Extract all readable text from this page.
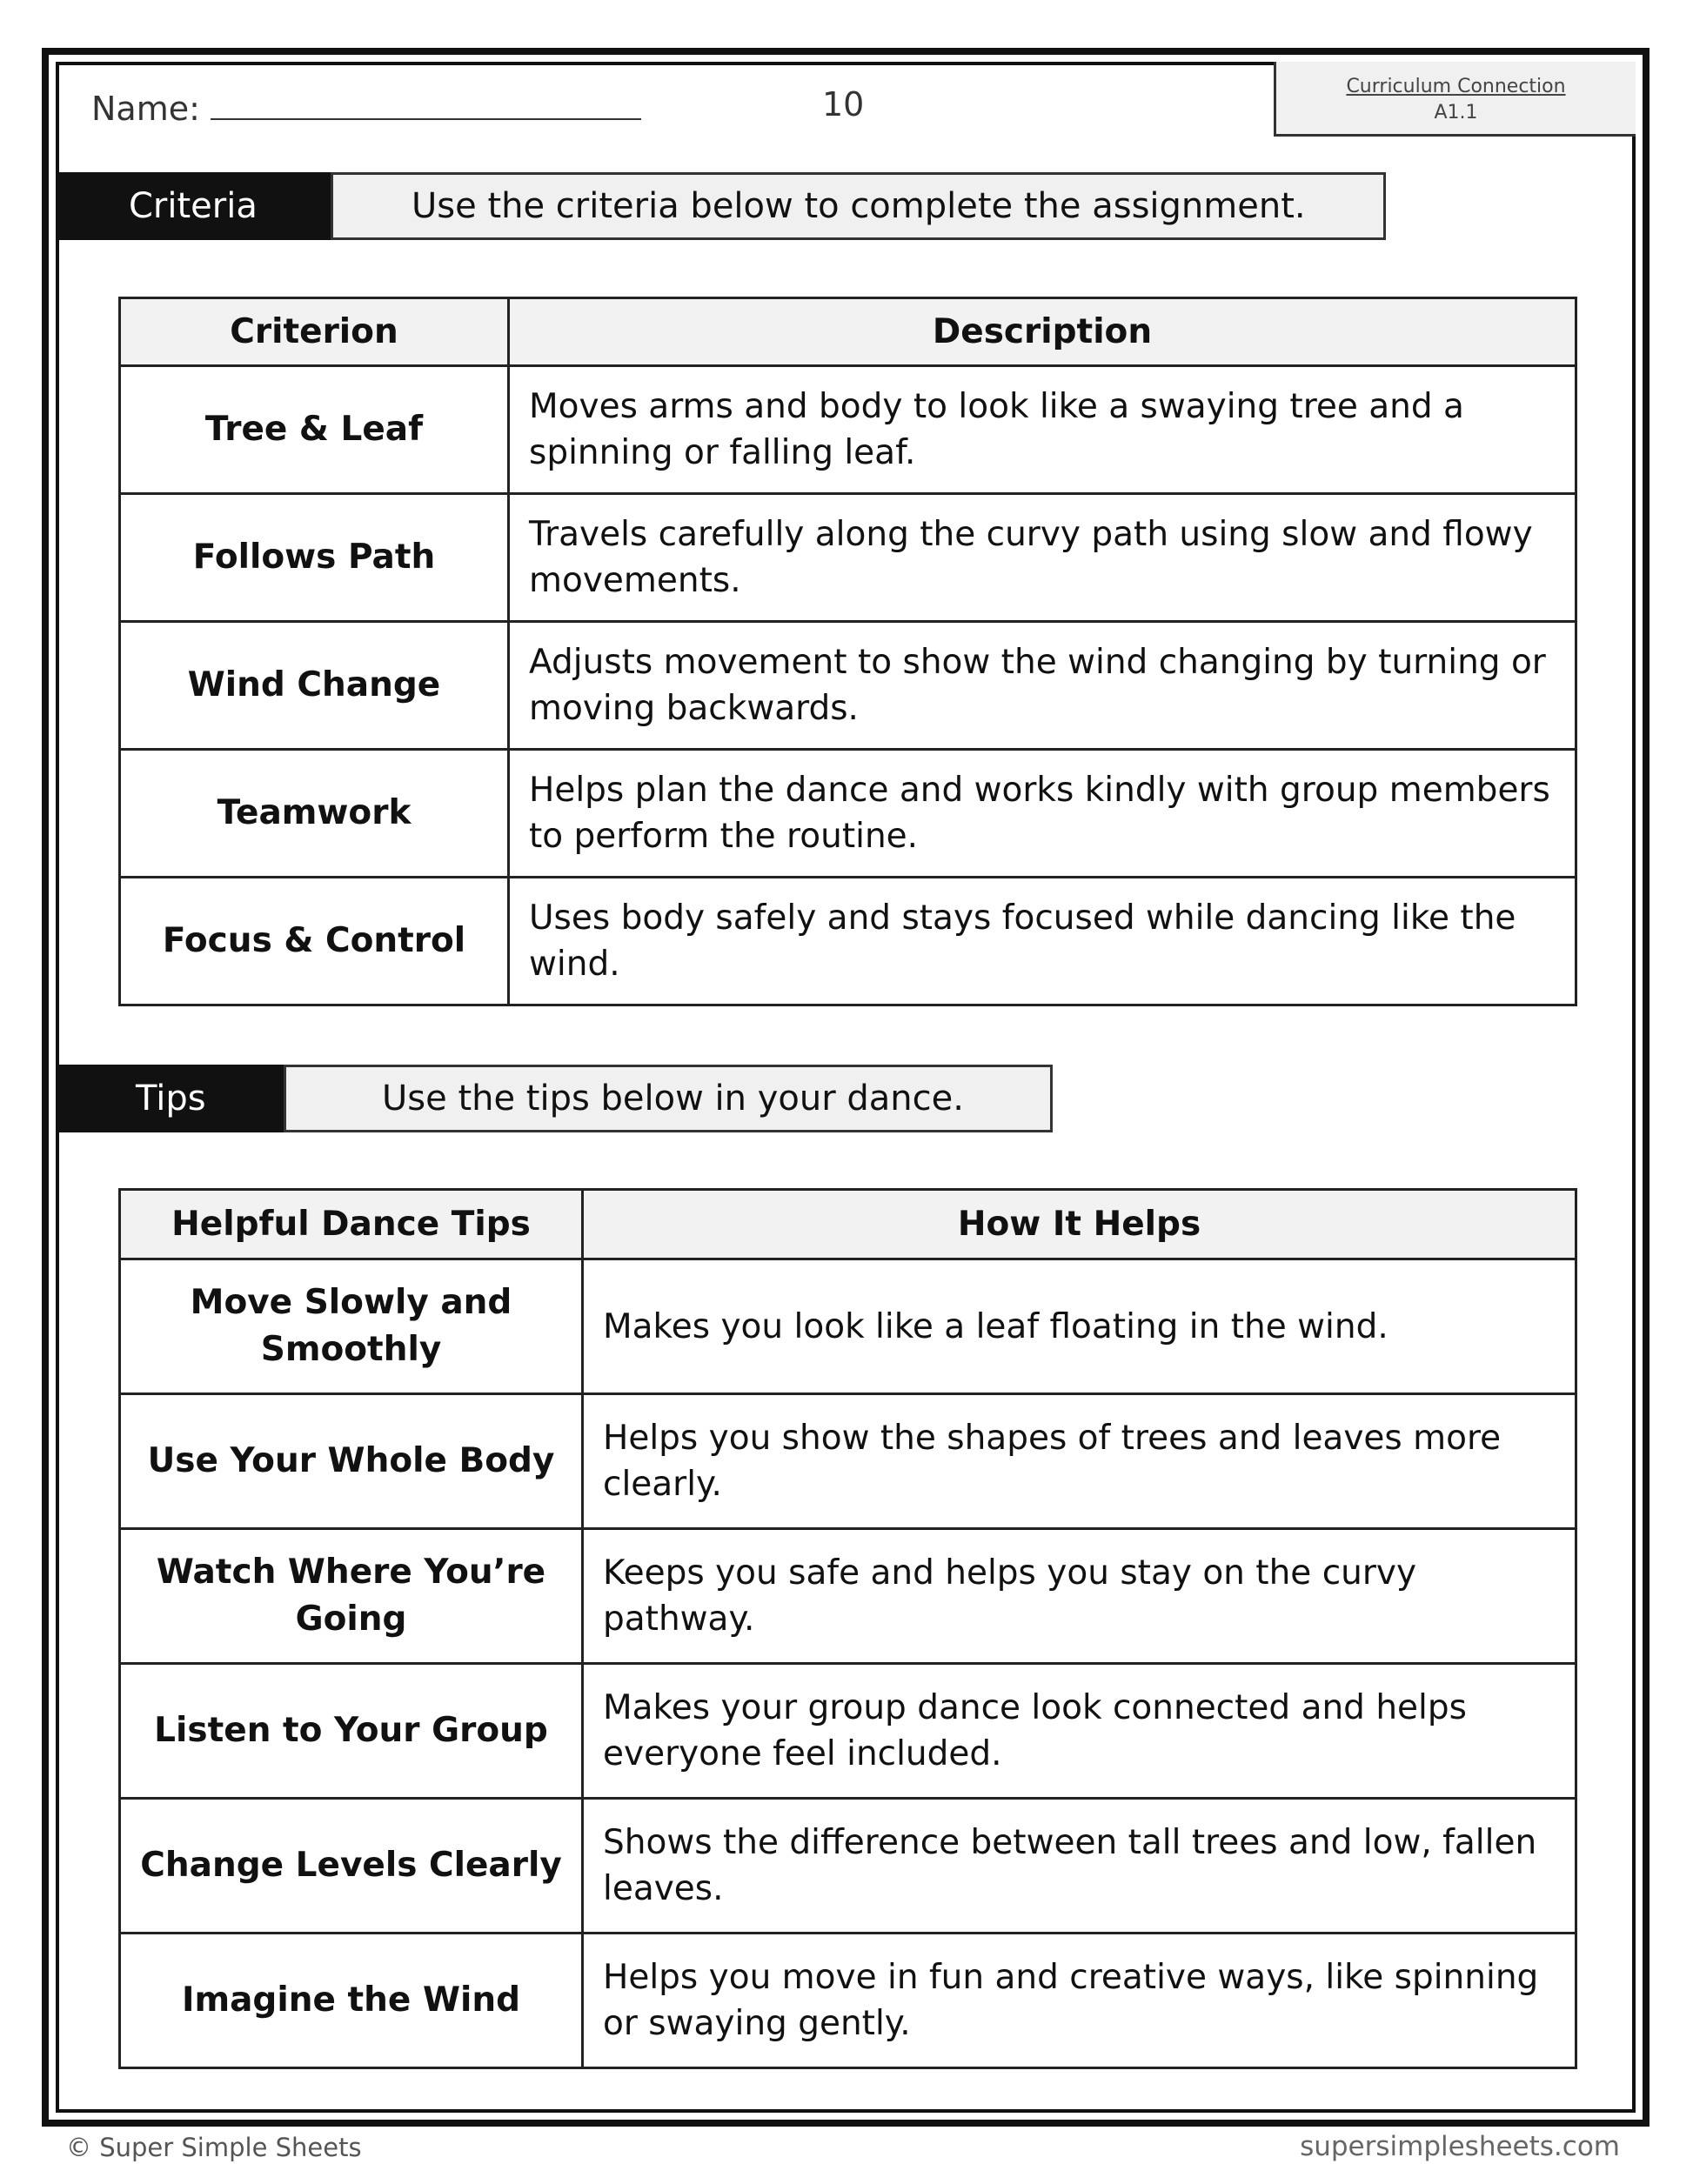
Name:	10	Curriculum Connection
A1.1
Criteria	Use the criteria below to complete the assignment.
Criterion	Description
Tree & Leaf	Moves arms and body to look like a swaying tree and a spinning or falling leaf.
Follows Path	Travels carefully along the curvy path using slow and flowy movements.
Wind Change	Adjusts movement to show the wind changing by turning or moving backwards.
Teamwork	Helps plan the dance and works kindly with group members to perform the routine.
Focus & Control	Uses body safely and stays focused while dancing like the wind.
Tips	Use the tips below in your dance.
Helpful Dance Tips	How It Helps
Move Slowly and Smoothly	Makes you look like a leaf floating in the wind.
Use Your Whole Body	Helps you show the shapes of trees and leaves more clearly.
Watch Where You’re Going	Keeps you safe and helps you stay on the curvy pathway.
Listen to Your Group	Makes your group dance look connected and helps everyone feel included.
Change Levels Clearly	Shows the difference between tall trees and low, fallen leaves.
Imagine the Wind	Helps you move in fun and creative ways, like spinning or swaying gently.
© Super Simple Sheets	supersimplesheets.com
